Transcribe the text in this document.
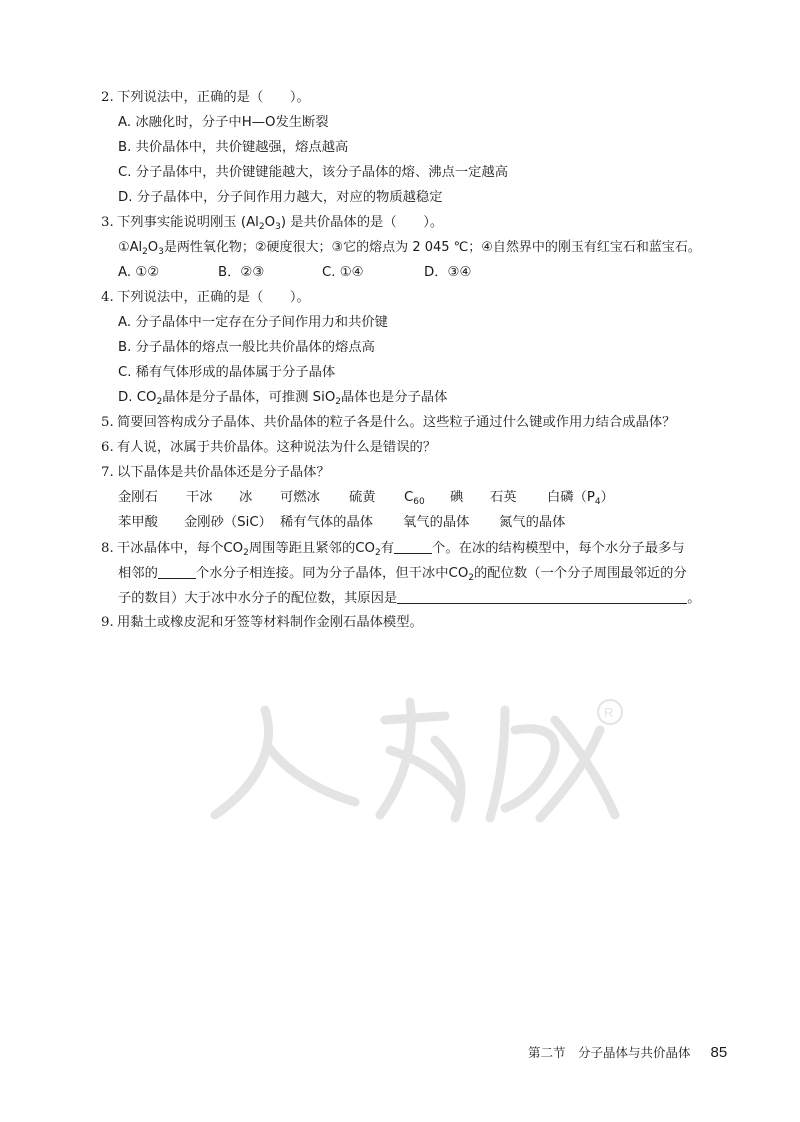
2. 下列说法中，正确的是（　　）。
A. 冰融化时，分子中H—O发生断裂
B. 共价晶体中，共价键越强，熔点越高
C. 分子晶体中，共价键键能越大，该分子晶体的熔、沸点一定越高
D. 分子晶体中，分子间作用力越大，对应的物质越稳定
3. 下列事实能说明刚玉 $(Al_2O_3)$ 是共价晶体的是（　　）。
$①Al_2O_3$是两性氧化物；②硬度很大；③它的熔点为 2 045 ℃；④自然界中的刚玉有红宝石和蓝宝石。
A. ①②	B．②③	C. ①④	D．③④
4. 下列说法中，正确的是（　　）。
A. 分子晶体中一定存在分子间作用力和共价键
B. 分子晶体的熔点一般比共价晶体的熔点高
C. 稀有气体形成的晶体属于分子晶体
D. $CO_2$晶体是分子晶体，可推测 SiO$_2$晶体也是分子晶体
5. 简要回答构成分子晶体、共价晶体的粒子各是什么。这些粒子通过什么键或作用力结合成晶体？
6. 有人说，冰属于共价晶体。这种说法为什么是错误的？
7. 以下晶体是共价晶体还是分子晶体？
金刚石 干冰 冰 可燃冰 硫黄 $C_{60}$ 碘 石英 白磷$(P_4)$
苯甲酸 金刚砂（SiC） 稀有气体的晶体 氧气的晶体 氮气的晶体
8. 干冰晶体中，每个$CO_2$周围等距且紧邻的$CO_2$有	个。在冰的结构模型中，每个水分子最多与
相邻的	个水分子相连接。同为分子晶体，但干冰中$CO_2$的配位数（一个分子周围最邻近的分
子的数目）大于冰中水分子的配位数，其原因是	。
9. 用黏土或橡皮泥和牙签等材料制作金刚石晶体模型。
R
第二节　分子晶体与共价晶体 85
